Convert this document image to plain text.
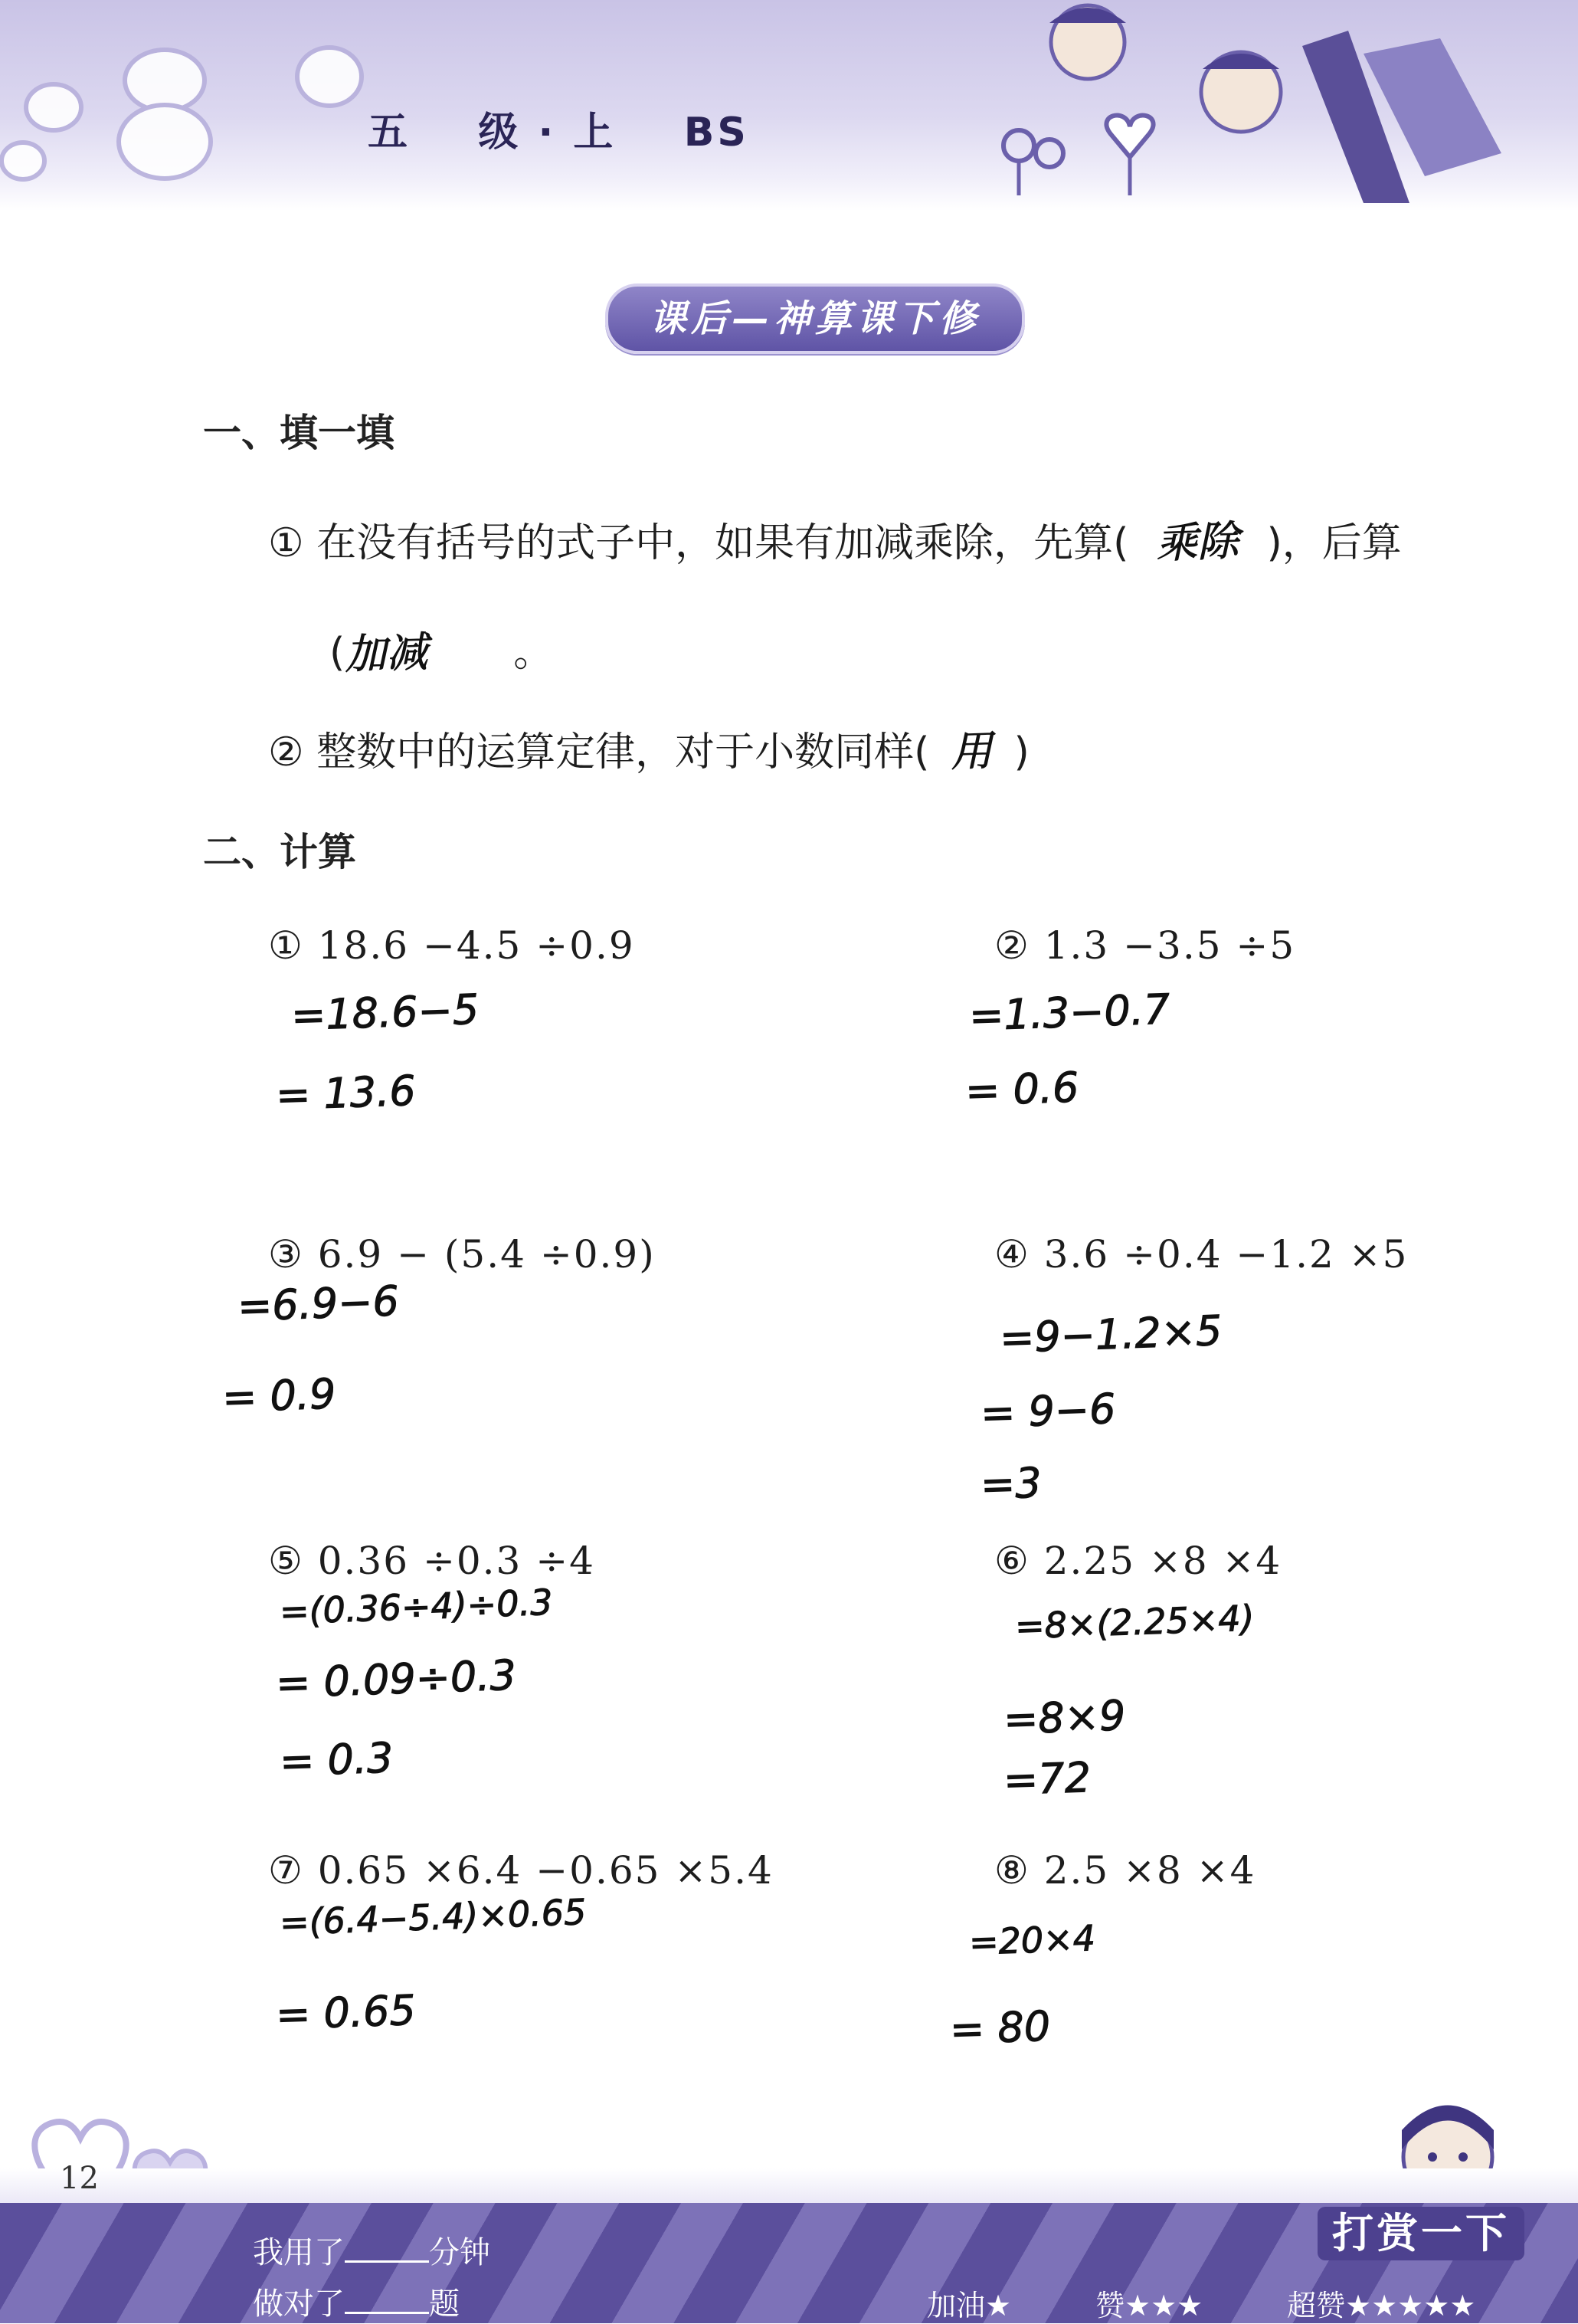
五    级 · 上    BS
课后—神算课下修
一、填一填
① 在没有括号的式子中，如果有加减乘除，先算( 乘除 )，后算
(加减 。
② 整数中的运算定律，对于小数同样( 用 )
二、计算
① 18.6 −4.5 ÷0.9
=18.6−5
= 13.6
② 1.3 −3.5 ÷5
=1.3−0.7
= 0.6
③ 6.9 − (5.4 ÷0.9)
=6.9−6
= 0.9
④ 3.6 ÷0.4 −1.2 ×5
=9−1.2×5
= 9−6
=3
⑤ 0.36 ÷0.3 ÷4
=(0.36÷4)÷0.3
= 0.09÷0.3
= 0.3
⑥ 2.25 ×8 ×4
=8×(2.25×4)
=8×9
=72
⑦ 0.65 ×6.4 −0.65 ×5.4
=(6.4−5.4)×0.65
= 0.65
⑧ 2.5 ×8 ×4
=20×4
= 80
12
我用了	分钟
做对了	题
打赏一下
加油★	赞★★★	超赞★★★★★
